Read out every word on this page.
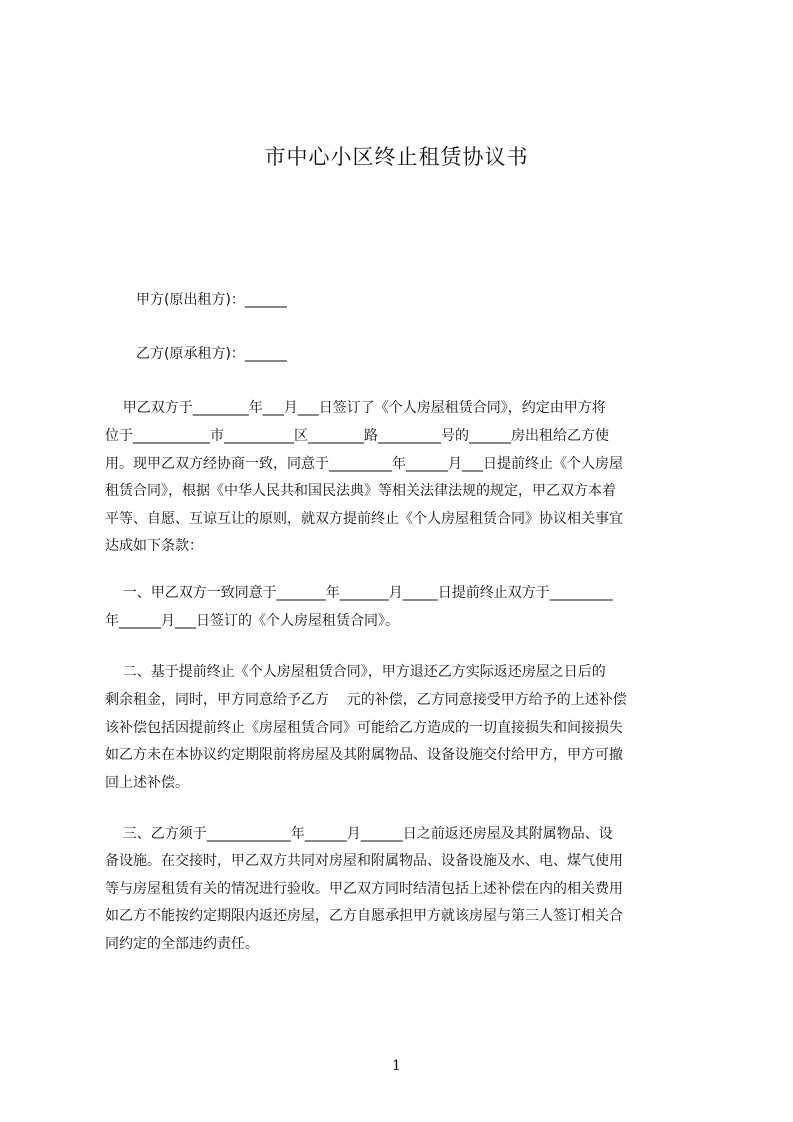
市中心小区终止租赁协议书
甲方(原出租方)：______
乙方(原承租方)：______
甲乙双方于________年___月___日签订了《个人房屋租赁合同》，约定由甲方将
位于___________市__________区________路_________号的______房出租给乙方使
用。现甲乙双方经协商一致，同意于_________年______月___日提前终止《个人房屋
租赁合同》，根据《中华人民共和国民法典》等相关法律法规的规定，甲乙双方本着
平等、自愿、互谅互让的原则，就双方提前终止《个人房屋租赁合同》协议相关事宜
达成如下条款：
一、甲乙双方一致同意于_______年_______月_____日提前终止双方于_________
年______月___日签订的《个人房屋租赁合同》。
二、基于提前终止《个人房屋租赁合同》，甲方退还乙方实际返还房屋之日后的
剩余租金，同时，甲方同意给予乙方    元的补偿，乙方同意接受甲方给予的上述补偿
该补偿包括因提前终止《房屋租赁合同》可能给乙方造成的一切直接损失和间接损失
如乙方未在本协议约定期限前将房屋及其附属物品、设备设施交付给甲方，甲方可撤
回上述补偿。
三、乙方须于____________年______月______日之前返还房屋及其附属物品、设
备设施。在交接时，甲乙双方共同对房屋和附属物品、设备设施及水、电、煤气使用
等与房屋租赁有关的情况进行验收。甲乙双方同时结清包括上述补偿在内的相关费用
如乙方不能按约定期限内返还房屋，乙方自愿承担甲方就该房屋与第三人签订相关合
同约定的全部违约责任。
1
